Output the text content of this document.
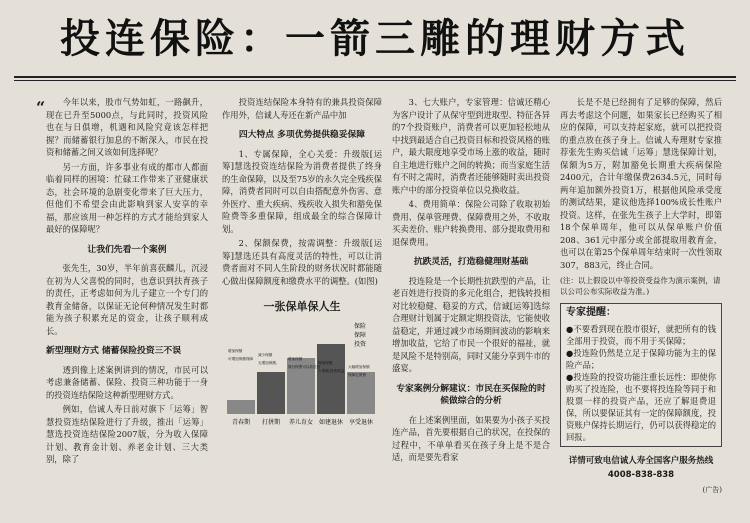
投连保险：一箭三雕的理财方式
“	今年以来，股市气势如虹，一路飙升，现在已升至5000点，与此同时，投资风险也在与日俱增，机遇和风险究竟该怎样把握？而储蓄银行加息的不断深入，市民在投资和储蓄之间又该如何选择呢？

另一方面，许多事业有成的都市人都面临着同样的困境：忙碌工作带来了亚健康状态，社会环境的急剧变化带来了巨大压力，但他们不希望会由此影响到家人安享的幸福，那应该用一种怎样的方式才能给到家人最好的保障呢？

让我们先看一个案例

张先生，30岁，半年前喜获麟儿，沉浸在初为人父喜悦的同时，也意识到扶育孩子的责任，正考虑如何为儿子建立一个专门的教育金储备，以保证无论何种情况发生时都能为孩子积累充足的资金，让孩子顺利成长。

新型理财方式 储蓄保险投资三不误

透到像上述案例讲到的情况，市民可以考虑兼备储蓄、保险、投资三种功能于一身的投资连结保险这种新型理财方式。

例如，信诚人寿日前对旗下「运筹」智慧投资连结保险进行了升级，推出「运筹」慧选投资连结保险2007版，分为收入保障计划、教育金计划、养老金计划、三大类别，除了

投资连结保险本身特有的兼具投资保障作用外，信诚人寿还在新产品中加

四大特点 多项优势提供稳妥保障

1、专属保障，全心关爱：升级版[运筹]慧选投资连结保险为消费者提供了终身的生命保障，以及至75岁的永久完全残疾保障，消费者同时可以自由搭配意外伤害、意外医疗、重大疾病、残疾收入损失和豁免保险费等多重保障，组成最全的综合保障计划。

2、保额保费，按需调整：升级版[运筹]慧选还具有高度灵活的特性，可以让消费者面对不同人生阶段的财务状况时都能随心做出保障额度和缴费水平的调整。(如图)

一张保单保人生
青春期 打拼期 养儿育女 如建退休 享受退休
保险
保障
投资
增加保额
减少保额
增加保额
降低保额
大幅增加保额
可增加保额保障
无增加保额,
缴付保费可以转投资
少保额,投资收益
保障定保费

3、七大账户，专家管理：信诚还精心为客户设计了从保守型到进取型、特征各异的7个投资账户，消费者可以更加轻松地从中找到最适合自己投资目标和投资风格的账户，最大限度地享受市场上涨的收益，随时自主地进行账户之间的转换；而当家庭生活有不时之需时，消费者还能够随时卖出投资账户中的部分投资单位以兑换收益。

4、费用简单：保险公司除了收取初始费用、保单管理费、保障费用之外，不收取买卖差价、账户转换费用、部分提取费用和退保费用。

抗跌灵活，打造稳健理财基础

投连险是一个长期性抗跌型的产品，让老百姓进行投资的多元化组合，把钱转投相对比较稳健、稳妥的方式，信诚[运筹]选综合理财计划属于定额定期投资法，它能使收益稳定，并通过减少市场期间波动的影响来增加收益，它给了市民一个很好的福祉，就是风险不是特别高，同时又能分享到牛市的盛宴。

专家案例分解建议：市民在买保险的时候做综合的分析

在上述案例里面，如果要为小孩子买投连产品，首先要根据自己的状况，在投保的过程中，不单单看买在孩子身上是不是合适，而是要先看家

长是不是已经拥有了足够的保障，然后再去考虑这个问题，如果家长已经购买了相应的保障，可以支持起家庭，就可以把投资的重点放在孩子身上。信诚人寿理财专家推荐张先生购买信诚「运筹」慧选保障计划，保额为5万，附加豁免长期重大疾病保险2400元，合计年缴保费2634.5元，同时每两年追加额外投资1万，根据他风险承受度的测试结果，建议他选择100%成长性账户投资。这样，在张先生孩子上大学时，即第18个保单周年，他可以从保单账户价值208、361元中部分或全部提取用教育金，也可以在第25个保单周年结束时一次性领取307，883元，终止合同。

(注：以上假设以中等投资受益作为演示案例，请以公司公布实际收益为准。)
专家提醒：
●不要看到现在股市很好，就把所有的钱全部用于投资，而不用于买保障；
●投连险仍然是立足于保障功能为主的保险产品；
●投连险的投资功能注重长远性：即使你购买了投连险，也不要将投连险等同于和股票一样的投资产品，还应了解退费退保，所以要保证其有一定的保障额度，投资账户保持长期运行，仍可以获得稳定的回报。
详情可致电信诚人寿全国客户服务热线
4008-838-838
(广告)
